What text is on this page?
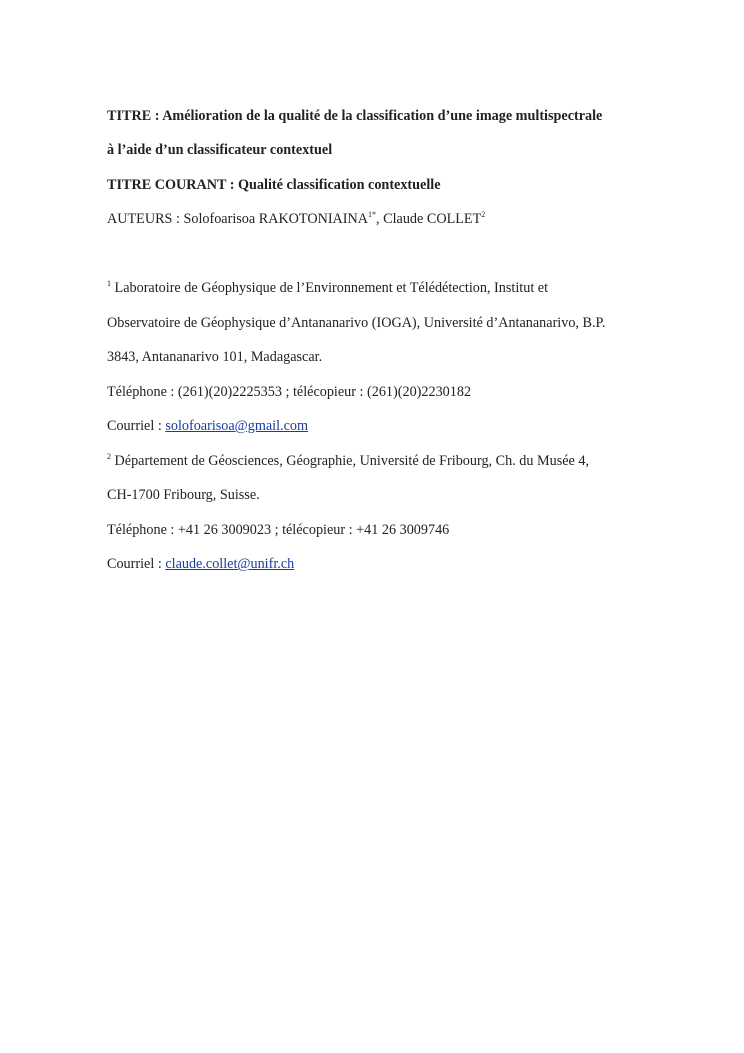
TITRE : Amélioration de la qualité de la classification d’une image multispectrale
à l’aide d’un classificateur contextuel
TITRE COURANT : Qualité classification contextuelle
AUTEURS : Solofoarisoa $RAKOTONIAINA^{1*}$, Claude COLLET$^2$
$^1$ Laboratoire de Géophysique de l’Environnement et Télédétection, Institut et
Observatoire de Géophysique d’Antananarivo (IOGA), Université d’Antananarivo, B.P.
3843, Antananarivo 101, Madagascar.
Téléphone : (261)(20)2225353 ; télécopieur : (261)(20)2230182
Courriel : solofoarisoa@gmail.com
$^2$ Département de Géosciences, Géographie, Université de Fribourg, Ch. du Musée 4,
CH-1700 Fribourg, Suisse.
Téléphone : +41 26 3009023 ; télécopieur : +41 26 3009746
Courriel : claude.collet@unifr.ch
